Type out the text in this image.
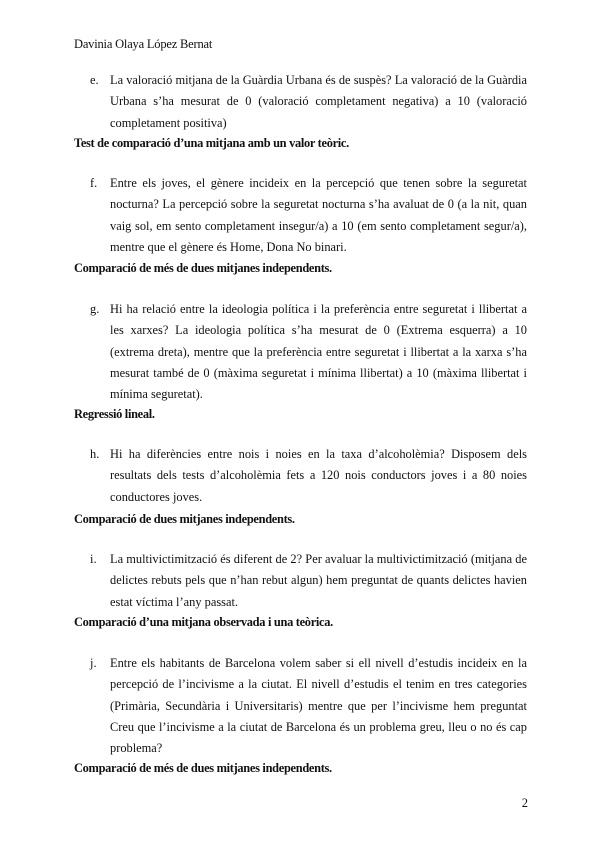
Davinia Olaya López Bernat
e. La valoració mitjana de la Guàrdia Urbana és de suspès? La valoració de la Guàrdia Urbana s’ha mesurat de 0 (valoració completament negativa) a 10 (valoració completament positiva)
Test de comparació d’una mitjana amb un valor teòric.
f.	Entre els joves, el gènere incideix en la percepció que tenen sobre la seguretat nocturna? La percepció sobre la seguretat nocturna s’ha avaluat de 0 (a la nit, quan vaig sol, em sento completament insegur/a) a 10 (em sento completament segur/a), mentre que el gènere és Home, Dona No binari.
Comparació de més de dues mitjanes independents.
g. Hi ha relació entre la ideologia política i la preferència entre seguretat i llibertat a les xarxes? La ideologia política s’ha mesurat de 0 (Extrema esquerra) a 10 (extrema dreta), mentre que la preferència entre seguretat i llibertat a la xarxa s’ha mesurat també de 0 (màxima seguretat i mínima llibertat) a 10 (màxima llibertat i mínima seguretat).
Regressió lineal.
h. Hi ha diferències entre nois i noies en la taxa d’alcoholèmia? Disposem dels resultats dels tests d’alcoholèmia fets a 120 nois conductors joves i a 80 noies conductores joves.
Comparació de dues mitjanes independents.
i.	La multivictimització és diferent de 2? Per avaluar la multivictimització (mitjana de delictes rebuts pels que n’han rebut algun) hem preguntat de quants delictes havien estat víctima l’any passat.
Comparació d’una mitjana observada i una teòrica.
j.	Entre els habitants de Barcelona volem saber si ell nivell d’estudis incideix en la percepció de l’incivisme a la ciutat. El nivell d’estudis el tenim en tres categories (Primària, Secundària i Universitaris) mentre que per l’incivisme hem preguntat Creu que l’incivisme a la ciutat de Barcelona és un problema greu, lleu o no és cap problema?
Comparació de més de dues mitjanes independents.
2
